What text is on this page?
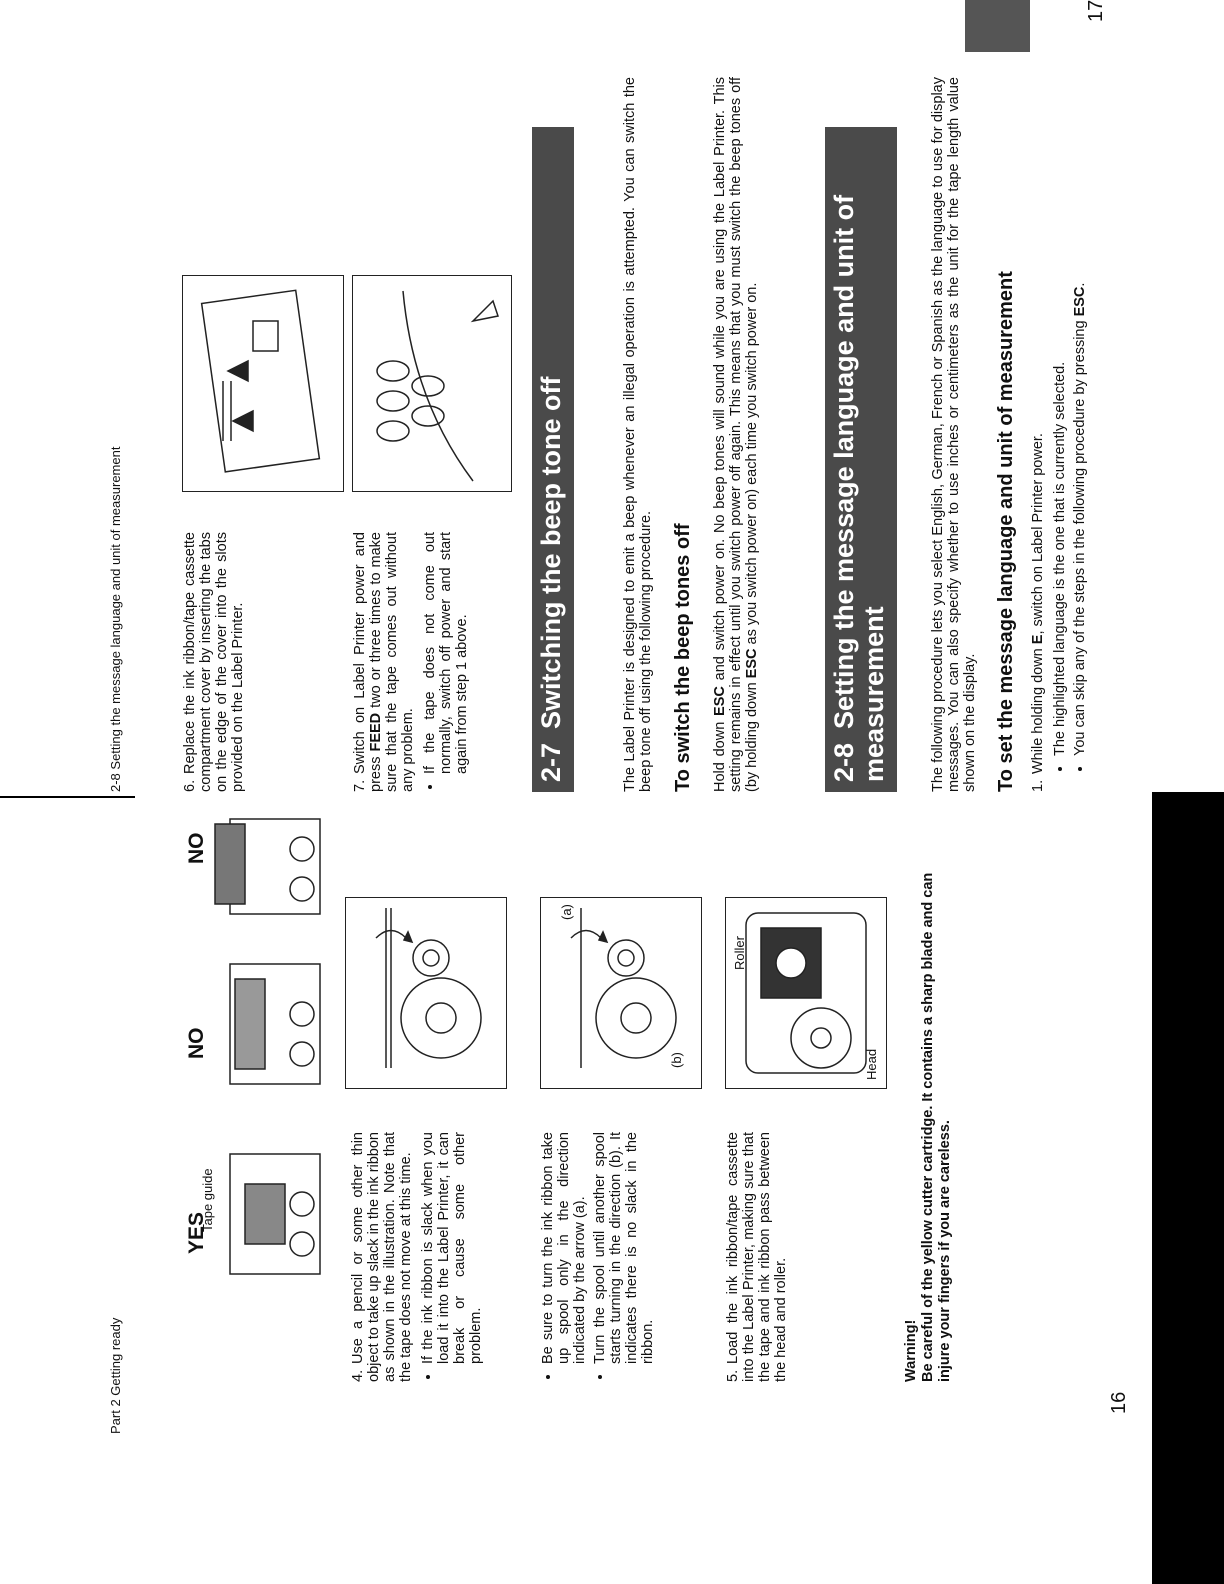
Part 2 Getting ready	16
YES
Tape guide
NO
NO
4.Use a pencil or some other thin object to take up slack in the ink ribbon as shown in the illustration. Note that the tape does not move at this time. • If the ink ribbon is slack when you load it into the Label Printer, it can break or cause some other problem.	• Be sure to turn the ink ribbon take up spool only in the direction indicated by the arrow (a). • Turn the spool until another spool starts turning in the direction (b). It indicates there is no slack in the ribbon.
(a)
(b)
5.Load the ink ribbon/tape cassette into the Label Printer, making sure that the tape and ink ribbon pass between the head and roller.
Roller
Head
Warning! Be careful of the yellow cutter cartridge. It contains a sharp blade and can injure your fingers if you are careless.
2-8 Setting the message language and unit of measurement
17
6.Replace the ink ribbon/tape cassette compartment cover by inserting the tabs on the edge of the cover into the slots provided on the Label Printer.	7.Switch on Label Printer power and press FEED two or three times to make sure that the tape comes out without any problem. • If the tape does not come out normally, switch off power and start again from step 1 above. 2-7Switching the beep tone off	The Label Printer is designed to emit a beep whenever an illegal operation is attempted. You can switch the beep tone off using the following procedure. To switch the beep tones off Hold down ESC and switch power on. No beep tones will sound while you are using the Label Printer. This setting remains in effect until you switch power off again. This means that you must switch the beep tones off (by holding down ESC as you switch power on) each time you switch power on.
2-8Setting the message language and unit of measurement	The following procedure lets you select English, German, French or Spanish as the language to use for display messages. You can also specify whether to use inches or centimeters as the unit for the tape length value shown on the display. To set the message language and unit of measurement 1.While holding down E, switch on Label Printer power. • The highlighted language is the one that is currently selected. • You can skip any of the steps in the following procedure by pressing ESC.
